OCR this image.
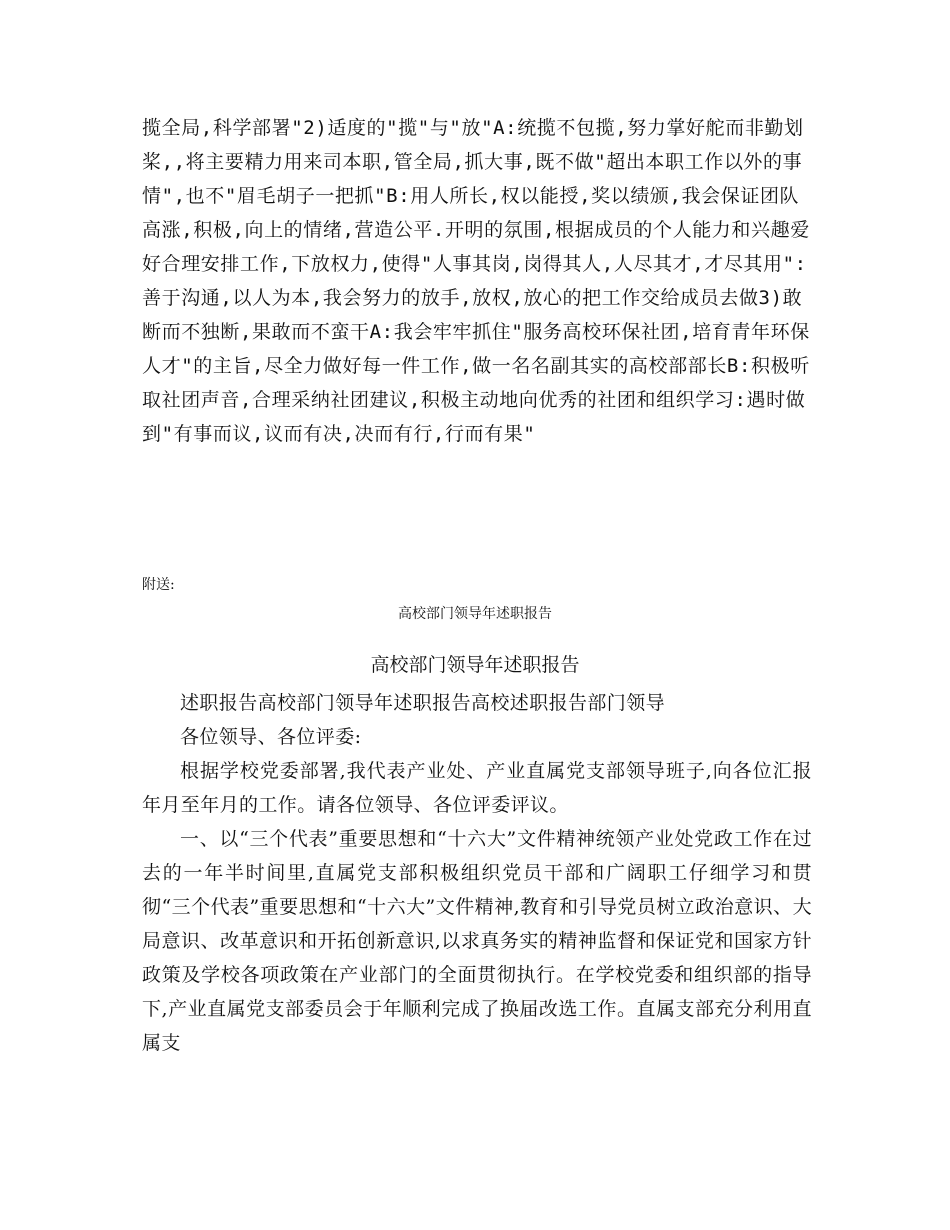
揽全局,科学部署"2)适度的"揽"与"放"A:统揽不包揽,努力掌好舵而非勤划桨,,将主要精力用来司本职,管全局,抓大事,既不做"超出本职工作以外的事情",也不"眉毛胡子一把抓"B:用人所长,权以能授,奖以绩颁,我会保证团队高涨,积极,向上的情绪,营造公平.开明的氛围,根据成员的个人能力和兴趣爱好合理安排工作,下放权力,使得"人事其岗,岗得其人,人尽其才,才尽其用":善于沟通,以人为本,我会努力的放手,放权,放心的把工作交给成员去做3)敢断而不独断,果敢而不蛮干A:我会牢牢抓住"服务高校环保社团,培育青年环保人才"的主旨,尽全力做好每一件工作,做一名名副其实的高校部部长B:积极听取社团声音,合理采纳社团建议,积极主动地向优秀的社团和组织学习:遇时做到"有事而议,议而有决,决而有行,行而有果"

附送:
高校部门领导年述职报告
高校部门领导年述职报告

述职报告高校部门领导年述职报告高校述职报告部门领导

各位领导、各位评委:

根据学校党委部署,我代表产业处、产业直属党支部领导班子,向各位汇报年月至年月的工作。请各位领导、各位评委评议。

一、以“三个代表”重要思想和“十六大”文件精神统领产业处党政工作在过去的一年半时间里,直属党支部积极组织党员干部和广阔职工仔细学习和贯彻“三个代表”重要思想和“十六大”文件精神,教育和引导党员树立政治意识、大局意识、改革意识和开拓创新意识,以求真务实的精神监督和保证党和国家方针政策及学校各项政策在产业部门的全面贯彻执行。在学校党委和组织部的指导下,产业直属党支部委员会于年顺利完成了换届改选工作。直属支部充分利用直属支
